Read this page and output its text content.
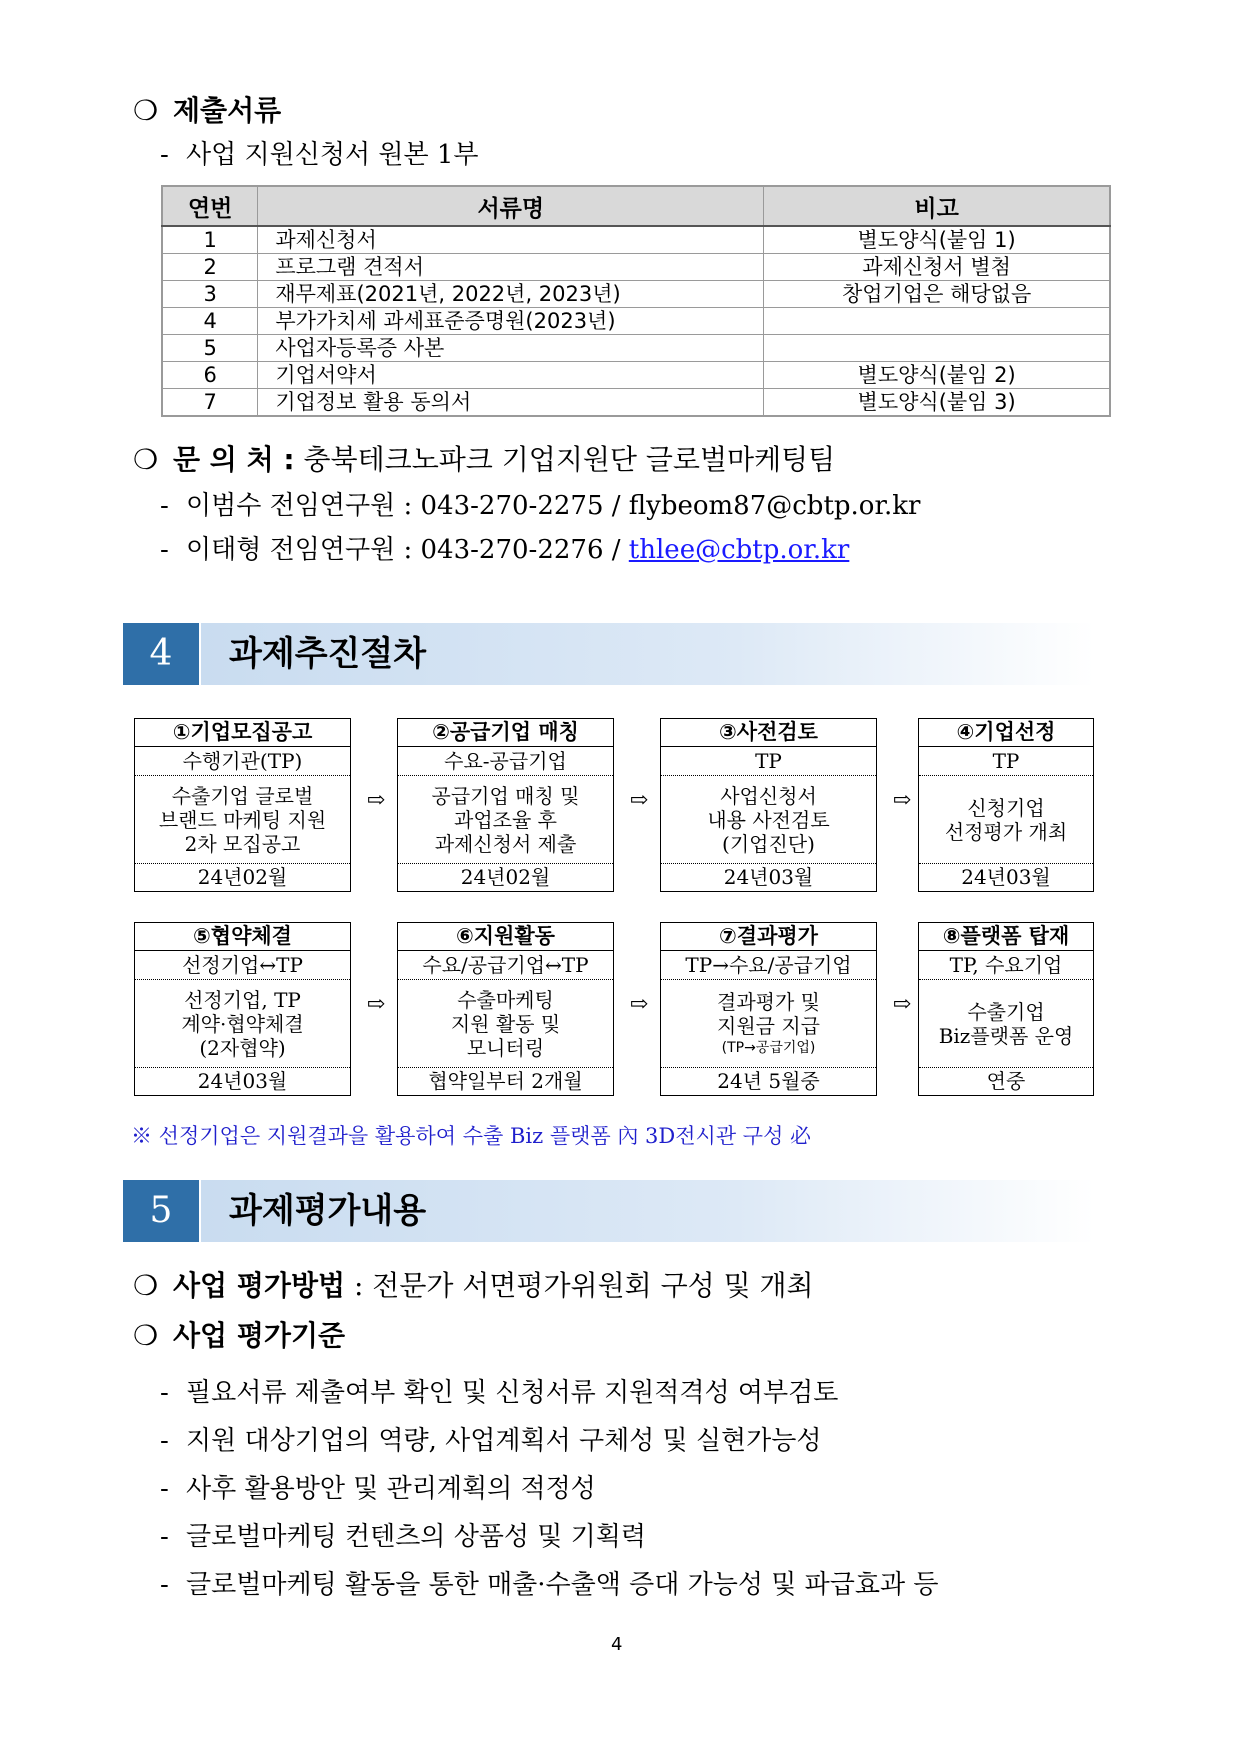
❍ 제출서류
- 사업 지원신청서 원본 1부
연번	서류명	비고
1	과제신청서	별도양식(붙임 1)
2	프로그램 견적서	과제신청서 별첨
3	재무제표(2021년, 2022년, 2023년)	창업기업은 해당없음
4	부가가치세 과세표준증명원(2023년)	
5	사업자등록증 사본	
6	기업서약서	별도양식(붙임 2)
7	기업정보 활용 동의서	별도양식(붙임 3)
❍ 문 의 처 : 충북테크노파크 기업지원단 글로벌마케팅팀
- 이범수 전임연구원 : 043-270-2275 / flybeom87@cbtp.or.kr
- 이태형 전임연구원 : 043-270-2276 / thlee@cbtp.or.kr
4	과제추진절차
①기업모집공고
수행기관(TP)
수출기업 글로벌
브랜드 마케팅 지원
2차 모집공고
24년02월
②공급기업 매칭
수요-공급기업
공급기업 매칭 및
과업조율 후
과제신청서 제출
24년02월
③사전검토
TP
사업신청서
내용 사전검토
(기업진단)
24년03월
④기업선정
TP
신청기업
선정평가 개최
24년03월
⑤협약체결
선정기업↔TP
선정기업, TP
계약·협약체결
(2자협약)
24년03월
⑥지원활동
수요/공급기업↔TP
수출마케팅
지원 활동 및
모니터링
협약일부터 2개월
⑦결과평가
TP→수요/공급기업
결과평가 및
지원금 지급
(TP→공급기업)
24년 5월중
⑧플랫폼 탑재
TP, 수요기업
수출기업
Biz플랫폼 운영
연중
⇨	⇨	⇨
⇨	⇨	⇨
※ 선정기업은 지원결과을 활용하여 수출 Biz 플랫폼 內 3D전시관 구성 必
5	과제평가내용
❍ 사업 평가방법 : 전문가 서면평가위원회 구성 및 개최
❍ 사업 평가기준
- 필요서류 제출여부 확인 및 신청서류 지원적격성 여부검토
- 지원 대상기업의 역량, 사업계획서 구체성 및 실현가능성
- 사후 활용방안 및 관리계획의 적정성
- 글로벌마케팅 컨텐츠의 상품성 및 기획력
- 글로벌마케팅 활동을 통한 매출·수출액 증대 가능성 및 파급효과 등
4
